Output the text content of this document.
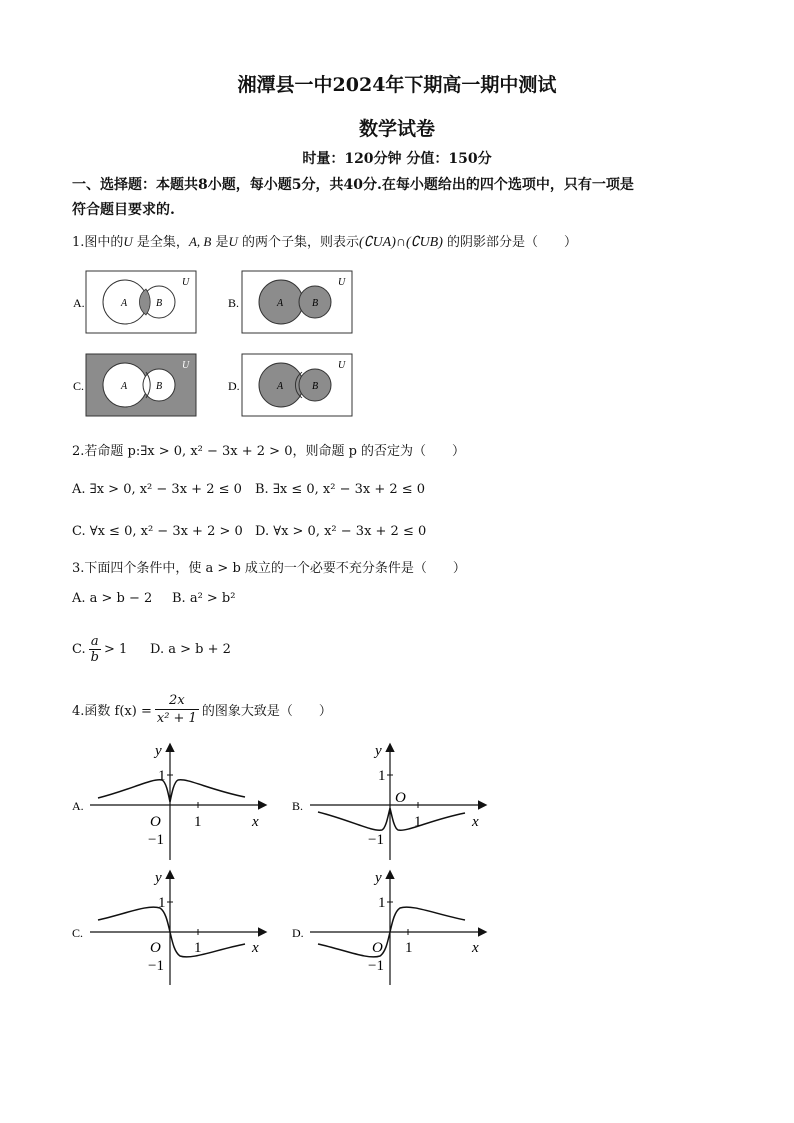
湘潭县一中2024年下期高一期中测试
数学试卷
时量：120分钟 分值：150分
一、选择题：本题共8小题，每小题5分，共40分.在每小题给出的四个选项中，只有一项是
符合题目要求的.
1.图中的U 是全集，A, B 是U 的两个子集，则表示(∁UA)∩(∁UB) 的阴影部分是（　　）
A.	A	B
U
B.	A	B
U
C.	A	B
U
D.	A	B
U
2.若命题 p:∃x > 0, x² − 3x + 2 > 0，则命题 p 的否定为（　　）
A. ∃x > 0, x² − 3x + 2 ≤ 0 B. ∃x ≤ 0, x² − 3x + 2 ≤ 0
C. ∀x ≤ 0, x² − 3x + 2 > 0 D. ∀x > 0, x² − 3x + 2 ≤ 0
3.下面四个条件中，使 a > b 成立的一个必要不充分条件是（　　）
A. a > b − 2 B. a² > b²
C. $\frac{a}{b} > 1$ D. a > b + 2
4.函数 $f(x) = \frac{2x}{\text{x² + 1}}$ 的图象大致是（　　）
A.
y
x
O 1
1
−1
B.
y
x
O
1
1
−1
C.
y
x
O 1
1
−1
D.
y
x
O 1
1
−1
